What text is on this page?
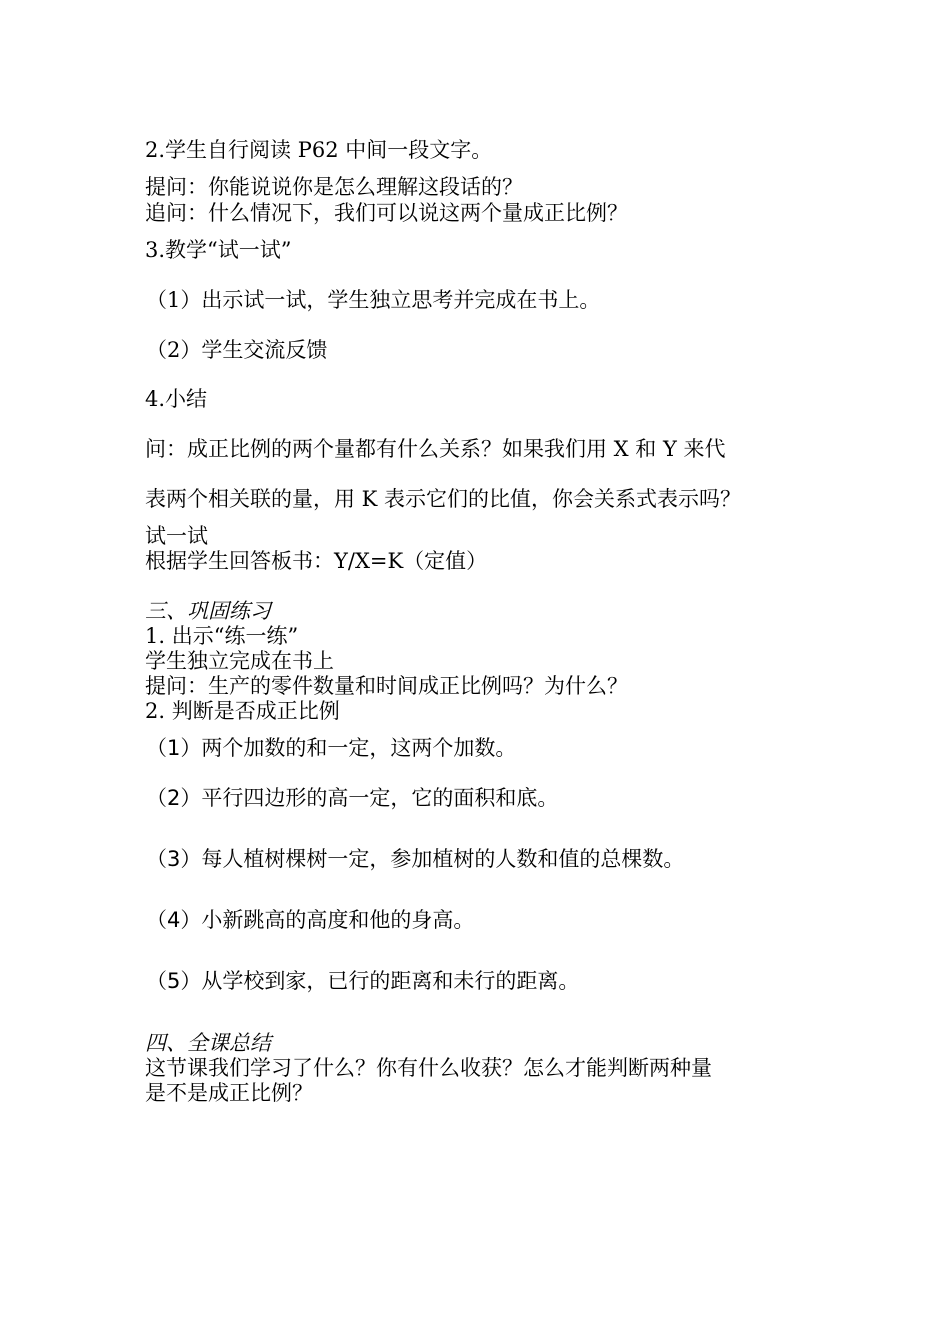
2.学生自行阅读 P62 中间一段文字。
提问：你能说说你是怎么理解这段话的？
追问：什么情况下，我们可以说这两个量成正比例？
3.教学“试一试”
（1）出示试一试，学生独立思考并完成在书上。
（2）学生交流反馈
4.小结
问：成正比例的两个量都有什么关系？如果我们用 X 和 Y 来代
表两个相关联的量，用 K 表示它们的比值，你会关系式表示吗？
试一试
根据学生回答板书：Y/X=K（定值）
三、巩固练习
1. 出示“练一练”
学生独立完成在书上
提问：生产的零件数量和时间成正比例吗？为什么？
2. 判断是否成正比例
（1）两个加数的和一定，这两个加数。
（2）平行四边形的高一定，它的面积和底。
（3）每人植树棵树一定，参加植树的人数和值的总棵数。
（4）小新跳高的高度和他的身高。
（5）从学校到家，已行的距离和未行的距离。
四、全课总结
这节课我们学习了什么？你有什么收获？怎么才能判断两种量
是不是成正比例？
